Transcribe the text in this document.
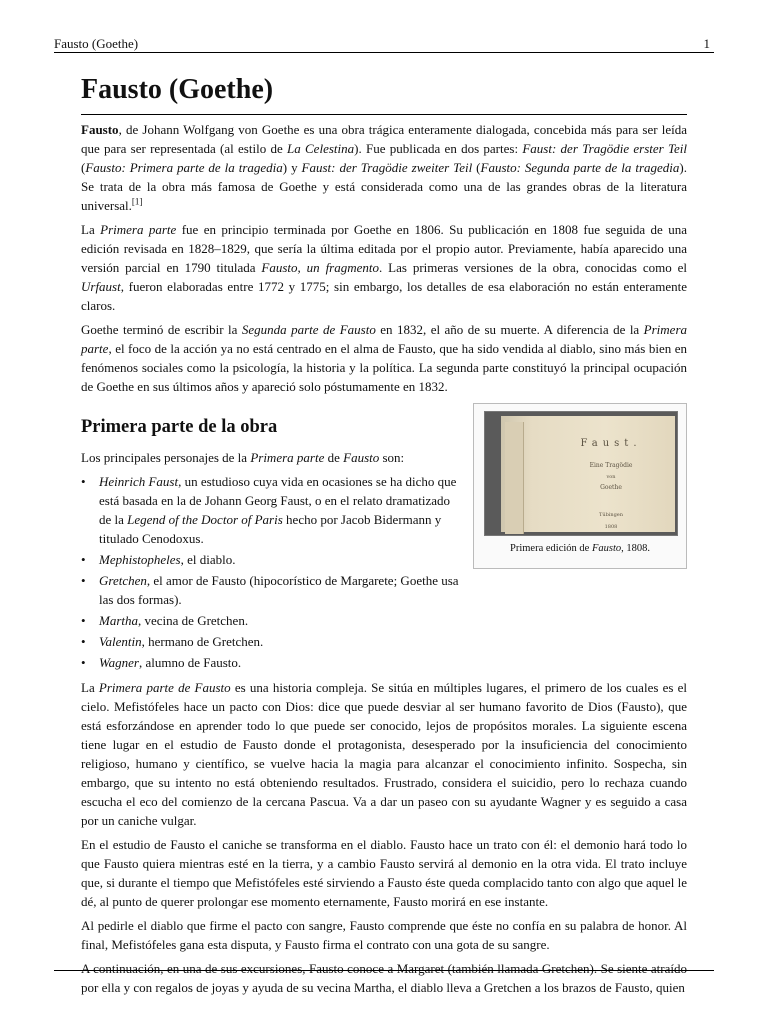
Fausto (Goethe)	1
Fausto (Goethe)

Fausto, de Johann Wolfgang von Goethe es una obra trágica enteramente dialogada, concebida más para ser leída que para ser representada (al estilo de La Celestina). Fue publicada en dos partes: Faust: der Tragödie erster Teil (Fausto: Primera parte de la tragedia) y Faust: der Tragödie zweiter Teil (Fausto: Segunda parte de la tragedia). Se trata de la obra más famosa de Goethe y está considerada como una de las grandes obras de la literatura universal.[1]

La Primera parte fue en principio terminada por Goethe en 1806. Su publicación en 1808 fue seguida de una edición revisada en 1828–1829, que sería la última editada por el propio autor. Previamente, había aparecido una versión parcial en 1790 titulada Fausto, un fragmento. Las primeras versiones de la obra, conocidas como el Urfaust, fueron elaboradas entre 1772 y 1775; sin embargo, los detalles de esa elaboración no están enteramente claros.

Goethe terminó de escribir la Segunda parte de Fausto en 1832, el año de su muerte. A diferencia de la Primera parte, el foco de la acción ya no está centrado en el alma de Fausto, que ha sido vendida al diablo, sino más bien en fenómenos sociales como la psicología, la historia y la política. La segunda parte constituyó la principal ocupación de Goethe en sus últimos años y apareció solo póstumamente en 1832.

Faust.
Eine Tragödie
von
Goethe
Tübingen
1808
Primera edición de Fausto, 1808.
Primera parte de la obra

Los principales personajes de la Primera parte de Fausto son:

• Heinrich Faust, un estudioso cuya vida en ocasiones se ha dicho que está basada en la de Johann Georg Faust, o en el relato dramatizado de la Legend of the Doctor of Paris hecho por Jacob Bidermann y titulado Cenodoxus.
• Mephistopheles, el diablo.
• Gretchen, el amor de Fausto (hipocorístico de Margarete; Goethe usa las dos formas).
• Martha, vecina de Gretchen.
• Valentin, hermano de Gretchen.
• Wagner, alumno de Fausto.

La Primera parte de Fausto es una historia compleja. Se sitúa en múltiples lugares, el primero de los cuales es el cielo. Mefistófeles hace un pacto con Dios: dice que puede desviar al ser humano favorito de Dios (Fausto), que está esforzándose en aprender todo lo que puede ser conocido, lejos de propósitos morales. La siguiente escena tiene lugar en el estudio de Fausto donde el protagonista, desesperado por la insuficiencia del conocimiento religioso, humano y científico, se vuelve hacia la magia para alcanzar el conocimiento infinito. Sospecha, sin embargo, que su intento no está obteniendo resultados. Frustrado, considera el suicidio, pero lo rechaza cuando escucha el eco del comienzo de la cercana Pascua. Va a dar un paseo con su ayudante Wagner y es seguido a casa por un caniche vulgar.

En el estudio de Fausto el caniche se transforma en el diablo. Fausto hace un trato con él: el demonio hará todo lo que Fausto quiera mientras esté en la tierra, y a cambio Fausto servirá al demonio en la otra vida. El trato incluye que, si durante el tiempo que Mefistófeles esté sirviendo a Fausto éste queda complacido tanto con algo que aquel le dé, al punto de querer prolongar ese momento eternamente, Fausto morirá en ese instante.

Al pedirle el diablo que firme el pacto con sangre, Fausto comprende que éste no confía en su palabra de honor. Al final, Mefistófeles gana esta disputa, y Fausto firma el contrato con una gota de su sangre.

A continuación, en una de sus excursiones, Fausto conoce a Margaret (también llamada Gretchen). Se siente atraído por ella y con regalos de joyas y ayuda de su vecina Martha, el diablo lleva a Gretchen a los brazos de Fausto, quien
